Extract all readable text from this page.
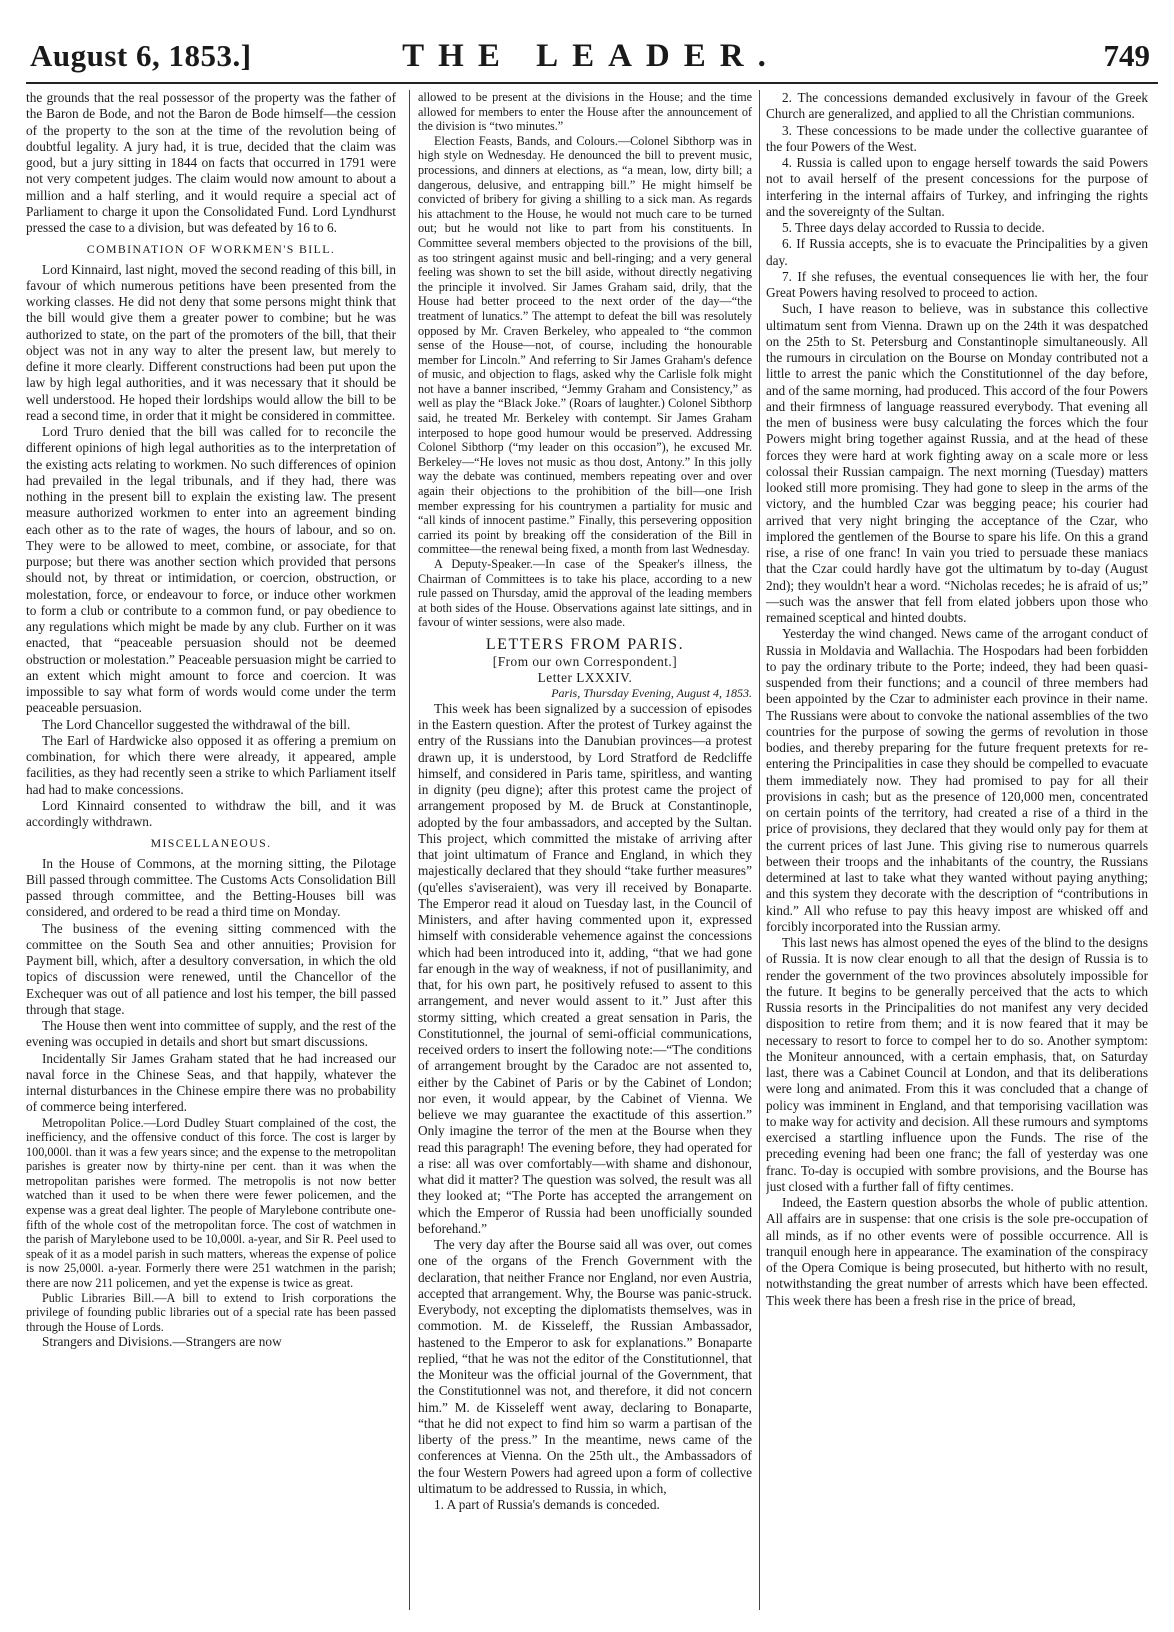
August 6, 1853.]	THE LEADER.	749

the grounds that the real possessor of the property was the father of the Baron de Bode, and not the Baron de Bode himself—the cession of the property to the son at the time of the revolution being of doubtful legality. A jury had, it is true, decided that the claim was good, but a jury sitting in 1844 on facts that occurred in 1791 were not very competent judges. The claim would now amount to about a million and a half sterling, and it would require a special act of Parliament to charge it upon the Consolidated Fund. Lord Lyndhurst pressed the case to a division, but was defeated by 16 to 6.

COMBINATION OF WORKMEN'S BILL.

Lord Kinnaird, last night, moved the second reading of this bill, in favour of which numerous petitions have been presented from the working classes. He did not deny that some persons might think that the bill would give them a greater power to combine; but he was authorized to state, on the part of the promoters of the bill, that their object was not in any way to alter the present law, but merely to define it more clearly. Different constructions had been put upon the law by high legal authorities, and it was necessary that it should be well understood. He hoped their lordships would allow the bill to be read a second time, in order that it might be considered in committee.

Lord Truro denied that the bill was called for to reconcile the different opinions of high legal authorities as to the interpretation of the existing acts relating to workmen. No such differences of opinion had prevailed in the legal tribunals, and if they had, there was nothing in the present bill to explain the existing law. The present measure authorized workmen to enter into an agreement binding each other as to the rate of wages, the hours of labour, and so on. They were to be allowed to meet, combine, or associate, for that purpose; but there was another section which provided that persons should not, by threat or intimidation, or coercion, obstruction, or molestation, force, or endeavour to force, or induce other workmen to form a club or contribute to a common fund, or pay obedience to any regulations which might be made by any club. Further on it was enacted, that “peaceable persuasion should not be deemed obstruction or molestation.” Peaceable persuasion might be carried to an extent which might amount to force and coercion. It was impossible to say what form of words would come under the term peaceable persuasion.

The Lord Chancellor suggested the withdrawal of the bill.

The Earl of Hardwicke also opposed it as offering a premium on combination, for which there were already, it appeared, ample facilities, as they had recently seen a strike to which Parliament itself had had to make concessions.

Lord Kinnaird consented to withdraw the bill, and it was accordingly withdrawn.

MISCELLANEOUS.

In the House of Commons, at the morning sitting, the Pilotage Bill passed through committee. The Customs Acts Consolidation Bill passed through committee, and the Betting-Houses bill was considered, and ordered to be read a third time on Monday.

The business of the evening sitting commenced with the committee on the South Sea and other annuities; Provision for Payment bill, which, after a desultory conversation, in which the old topics of discussion were renewed, until the Chancellor of the Exchequer was out of all patience and lost his temper, the bill passed through that stage.

The House then went into committee of supply, and the rest of the evening was occupied in details and short but smart discussions.

Incidentally Sir James Graham stated that he had increased our naval force in the Chinese Seas, and that happily, whatever the internal disturbances in the Chinese empire there was no probability of commerce being interfered.

Metropolitan Police.—Lord Dudley Stuart complained of the cost, the inefficiency, and the offensive conduct of this force. The cost is larger by 100,000l. than it was a few years since; and the expense to the metropolitan parishes is greater now by thirty-nine per cent. than it was when the metropolitan parishes were formed. The metropolis is not now better watched than it used to be when there were fewer policemen, and the expense was a great deal lighter. The people of Marylebone contribute one-fifth of the whole cost of the metropolitan force. The cost of watchmen in the parish of Marylebone used to be 10,000l. a-year, and Sir R. Peel used to speak of it as a model parish in such matters, whereas the expense of police is now 25,000l. a-year. Formerly there were 251 watchmen in the parish; there are now 211 policemen, and yet the expense is twice as great.

Public Libraries Bill.—A bill to extend to Irish corporations the privilege of founding public libraries out of a special rate has been passed through the House of Lords.

Strangers and Divisions.—Strangers are now

allowed to be present at the divisions in the House; and the time allowed for members to enter the House after the announcement of the division is “two minutes.”

Election Feasts, Bands, and Colours.—Colonel Sibthorp was in high style on Wednesday. He denounced the bill to prevent music, processions, and dinners at elections, as “a mean, low, dirty bill; a dangerous, delusive, and entrapping bill.” He might himself be convicted of bribery for giving a shilling to a sick man. As regards his attachment to the House, he would not much care to be turned out; but he would not like to part from his constituents. In Committee several members objected to the provisions of the bill, as too stringent against music and bell-ringing; and a very general feeling was shown to set the bill aside, without directly negativing the principle it involved. Sir James Graham said, drily, that the House had better proceed to the next order of the day—“the treatment of lunatics.” The attempt to defeat the bill was resolutely opposed by Mr. Craven Berkeley, who appealed to “the common sense of the House—not, of course, including the honourable member for Lincoln.” And referring to Sir James Graham's defence of music, and objection to flags, asked why the Carlisle folk might not have a banner inscribed, “Jemmy Graham and Consistency,” as well as play the “Black Joke.” (Roars of laughter.) Colonel Sibthorp said, he treated Mr. Berkeley with contempt. Sir James Graham interposed to hope good humour would be preserved. Addressing Colonel Sibthorp (“my leader on this occasion”), he excused Mr. Berkeley—“He loves not music as thou dost, Antony.” In this jolly way the debate was continued, members repeating over and over again their objections to the prohibition of the bill—one Irish member expressing for his countrymen a partiality for music and “all kinds of innocent pastime.” Finally, this persevering opposition carried its point by breaking off the consideration of the Bill in committee—the renewal being fixed, a month from last Wednesday.

A Deputy-Speaker.—In case of the Speaker's illness, the Chairman of Committees is to take his place, according to a new rule passed on Thursday, amid the approval of the leading members at both sides of the House. Observations against late sittings, and in favour of winter sessions, were also made.

LETTERS FROM PARIS.
[From our own Correspondent.]
Letter LXXXIV.
Paris, Thursday Evening, August 4, 1853.

This week has been signalized by a succession of episodes in the Eastern question. After the protest of Turkey against the entry of the Russians into the Danubian provinces—a protest drawn up, it is understood, by Lord Stratford de Redcliffe himself, and considered in Paris tame, spiritless, and wanting in dignity (peu digne); after this protest came the project of arrangement proposed by M. de Bruck at Constantinople, adopted by the four ambassadors, and accepted by the Sultan. This project, which committed the mistake of arriving after that joint ultimatum of France and England, in which they majestically declared that they should “take further measures” (qu'elles s'aviseraient), was very ill received by Bonaparte. The Emperor read it aloud on Tuesday last, in the Council of Ministers, and after having commented upon it, expressed himself with considerable vehemence against the concessions which had been introduced into it, adding, “that we had gone far enough in the way of weakness, if not of pusillanimity, and that, for his own part, he positively refused to assent to this arrangement, and never would assent to it.” Just after this stormy sitting, which created a great sensation in Paris, the Constitutionnel, the journal of semi-official communications, received orders to insert the following note:—“The conditions of arrangement brought by the Caradoc are not assented to, either by the Cabinet of Paris or by the Cabinet of London; nor even, it would appear, by the Cabinet of Vienna. We believe we may guarantee the exactitude of this assertion.” Only imagine the terror of the men at the Bourse when they read this paragraph! The evening before, they had operated for a rise: all was over comfortably—with shame and dishonour, what did it matter? The question was solved, the result was all they looked at; “The Porte has accepted the arrangement on which the Emperor of Russia had been unofficially sounded beforehand.”

The very day after the Bourse said all was over, out comes one of the organs of the French Government with the declaration, that neither France nor England, nor even Austria, accepted that arrangement. Why, the Bourse was panic-struck. Everybody, not excepting the diplomatists themselves, was in commotion. M. de Kisseleff, the Russian Ambassador, hastened to the Emperor to ask for explanations.” Bonaparte replied, “that he was not the editor of the Constitutionnel, that the Moniteur was the official journal of the Government, that the Constitutionnel was not, and therefore, it did not concern him.” M. de Kisseleff went away, declaring to Bonaparte, “that he did not expect to find him so warm a partisan of the liberty of the press.” In the meantime, news came of the conferences at Vienna. On the 25th ult., the Ambassadors of the four Western Powers had agreed upon a form of collective ultimatum to be addressed to Russia, in which,

1. A part of Russia's demands is conceded.

2. The concessions demanded exclusively in favour of the Greek Church are generalized, and applied to all the Christian communions.

3. These concessions to be made under the collective guarantee of the four Powers of the West.

4. Russia is called upon to engage herself towards the said Powers not to avail herself of the present concessions for the purpose of interfering in the internal affairs of Turkey, and infringing the rights and the sovereignty of the Sultan.

5. Three days delay accorded to Russia to decide.

6. If Russia accepts, she is to evacuate the Principalities by a given day.

7. If she refuses, the eventual consequences lie with her, the four Great Powers having resolved to proceed to action.

Such, I have reason to believe, was in substance this collective ultimatum sent from Vienna. Drawn up on the 24th it was despatched on the 25th to St. Petersburg and Constantinople simultaneously. All the rumours in circulation on the Bourse on Monday contributed not a little to arrest the panic which the Constitutionnel of the day before, and of the same morning, had produced. This accord of the four Powers and their firmness of language reassured everybody. That evening all the men of business were busy calculating the forces which the four Powers might bring together against Russia, and at the head of these forces they were hard at work fighting away on a scale more or less colossal their Russian campaign. The next morning (Tuesday) matters looked still more promising. They had gone to sleep in the arms of the victory, and the humbled Czar was begging peace; his courier had arrived that very night bringing the acceptance of the Czar, who implored the gentlemen of the Bourse to spare his life. On this a grand rise, a rise of one franc! In vain you tried to persuade these maniacs that the Czar could hardly have got the ultimatum by to-day (August 2nd); they wouldn't hear a word. “Nicholas recedes; he is afraid of us;” —such was the answer that fell from elated jobbers upon those who remained sceptical and hinted doubts.

Yesterday the wind changed. News came of the arrogant conduct of Russia in Moldavia and Wallachia. The Hospodars had been forbidden to pay the ordinary tribute to the Porte; indeed, they had been quasi-suspended from their functions; and a council of three members had been appointed by the Czar to administer each province in their name. The Russians were about to convoke the national assemblies of the two countries for the purpose of sowing the germs of revolution in those bodies, and thereby preparing for the future frequent pretexts for re-entering the Principalities in case they should be compelled to evacuate them immediately now. They had promised to pay for all their provisions in cash; but as the presence of 120,000 men, concentrated on certain points of the territory, had created a rise of a third in the price of provisions, they declared that they would only pay for them at the current prices of last June. This giving rise to numerous quarrels between their troops and the inhabitants of the country, the Russians determined at last to take what they wanted without paying anything; and this system they decorate with the description of “contributions in kind.” All who refuse to pay this heavy impost are whisked off and forcibly incorporated into the Russian army.

This last news has almost opened the eyes of the blind to the designs of Russia. It is now clear enough to all that the design of Russia is to render the government of the two provinces absolutely impossible for the future. It begins to be generally perceived that the acts to which Russia resorts in the Principalities do not manifest any very decided disposition to retire from them; and it is now feared that it may be necessary to resort to force to compel her to do so. Another symptom: the Moniteur announced, with a certain emphasis, that, on Saturday last, there was a Cabinet Council at London, and that its deliberations were long and animated. From this it was concluded that a change of policy was imminent in England, and that temporising vacillation was to make way for activity and decision. All these rumours and symptoms exercised a startling influence upon the Funds. The rise of the preceding evening had been one franc; the fall of yesterday was one franc. To-day is occupied with sombre provisions, and the Bourse has just closed with a further fall of fifty centimes.

Indeed, the Eastern question absorbs the whole of public attention. All affairs are in suspense: that one crisis is the sole pre-occupation of all minds, as if no other events were of possible occurrence. All is tranquil enough here in appearance. The examination of the conspiracy of the Opera Comique is being prosecuted, but hitherto with no result, notwithstanding the great number of arrests which have been effected. This week there has been a fresh rise in the price of bread,
